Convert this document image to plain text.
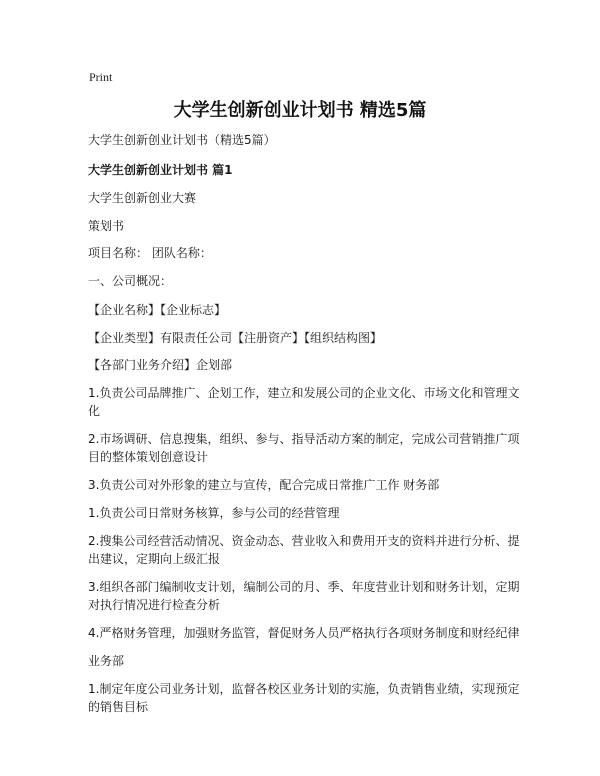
Print
大学生创新创业计划书 精选5篇

大学生创新创业计划书（精选5篇）

大学生创新创业计划书 篇1

大学生创新创业大赛

策划书

项目名称： 团队名称：

一、公司概况：

【企业名称】【企业标志】

【企业类型】有限责任公司【注册资产】【组织结构图】

【各部门业务介绍】企划部

1.负责公司品牌推广、企划工作，建立和发展公司的企业文化、市场文化和管理文化

2.市场调研、信息搜集，组织、参与、指导活动方案的制定，完成公司营销推广项目的整体策划创意设计

3.负责公司对外形象的建立与宣传，配合完成日常推广工作 财务部

1.负责公司日常财务核算，参与公司的经营管理

2.搜集公司经营活动情况、资金动态、营业收入和费用开支的资料并进行分析、提出建议，定期向上级汇报

3.组织各部门编制收支计划，编制公司的月、季、年度营业计划和财务计划，定期对执行情况进行检查分析

4.严格财务管理，加强财务监管，督促财务人员严格执行各项财务制度和财经纪律

业务部

1.制定年度公司业务计划，监督各校区业务计划的实施，负责销售业绩，实现预定的销售目标
